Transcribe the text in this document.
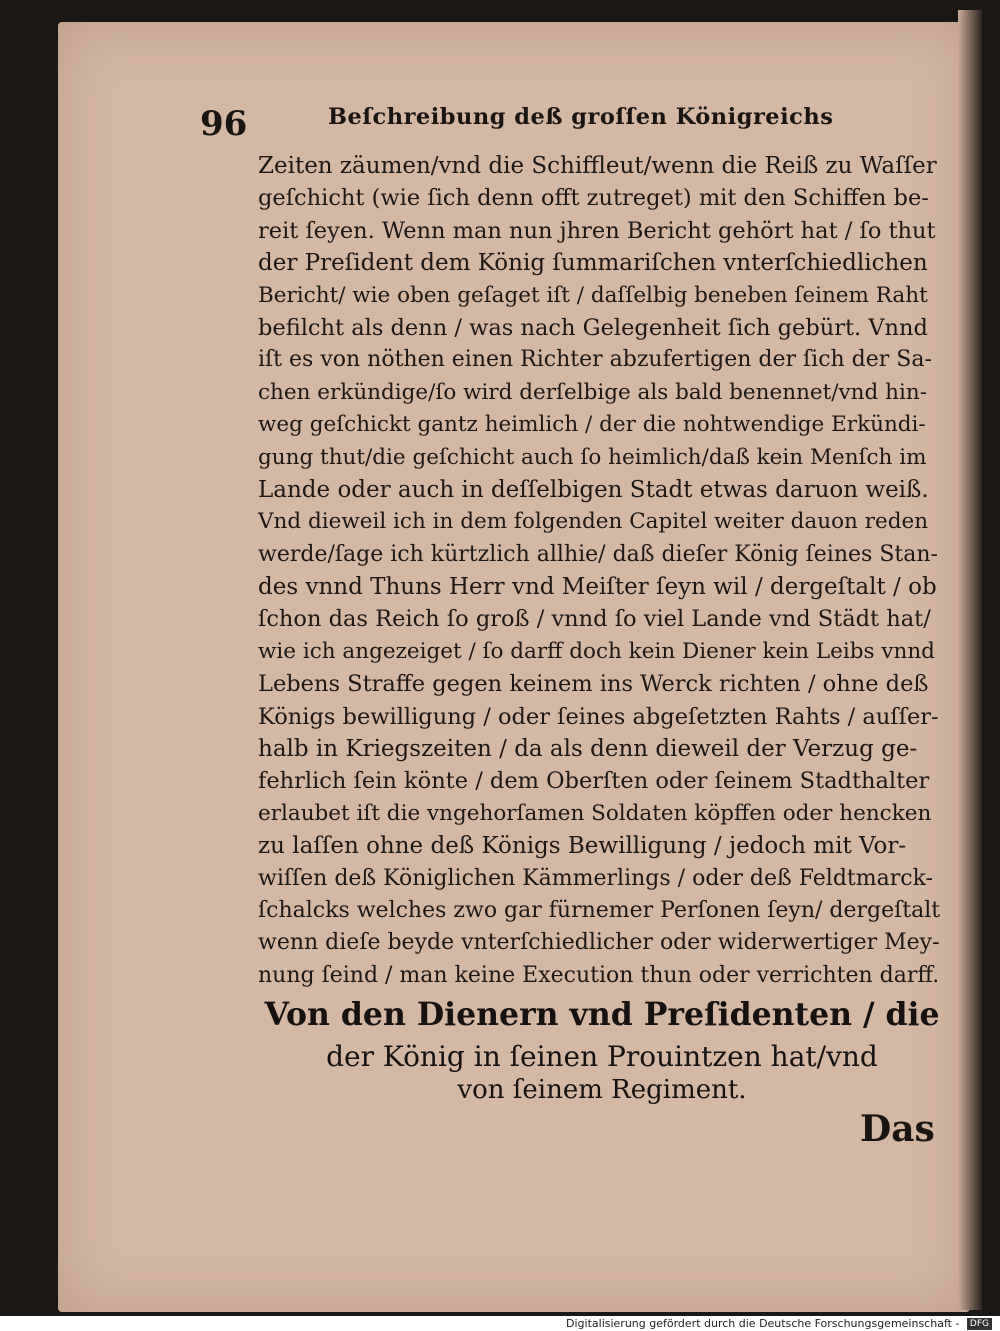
96	Beſchreibung deß groſſen Königreichs
Zeiten zäumen/vnd die Schiffleut/wenn die Reiß zu Waſſer
geſchicht (wie ſich denn offt zutreget) mit den Schiffen be-
reit ſeyen. Wenn man nun jhren Bericht gehört hat / ſo thut
der Preſident dem König ſummariſchen vnterſchiedlichen
Bericht/ wie oben geſaget iſt / daſſelbig beneben ſeinem Raht
befilcht als denn / was nach Gelegenheit ſich gebürt. Vnnd
iſt es von nöthen einen Richter abzufertigen der ſich der Sa-
chen erkündige/ſo wird derſelbige als bald benennet/vnd hin-
weg geſchickt gantz heimlich / der die nohtwendige Erkündi-
gung thut/die geſchicht auch ſo heimlich/daß kein Menſch im
Lande oder auch in deſſelbigen Stadt etwas daruon weiß.
Vnd dieweil ich in dem folgenden Capitel weiter dauon reden
werde/ſage ich kürtzlich allhie/ daß dieſer König ſeines Stan-
des vnnd Thuns Herr vnd Meiſter ſeyn wil / dergeſtalt / ob
ſchon das Reich ſo groß / vnnd ſo viel Lande vnd Städt hat/
wie ich angezeiget / ſo darff doch kein Diener kein Leibs vnnd
Lebens Straffe gegen keinem ins Werck richten / ohne deß
Königs bewilligung / oder ſeines abgeſetzten Rahts / auſſer-
halb in Kriegszeiten / da als denn dieweil der Verzug ge-
fehrlich ſein könte / dem Oberſten oder ſeinem Stadthalter
erlaubet iſt die vngehorſamen Soldaten köpffen oder hencken
zu laſſen ohne deß Königs Bewilligung / jedoch mit Vor-
wiſſen deß Königlichen Kämmerlings / oder deß Feldtmarck-
ſchalcks welches zwo gar fürnemer Perſonen ſeyn/ dergeſtalt
wenn dieſe beyde vnterſchiedlicher oder widerwertiger Mey-
nung ſeind / man keine Execution thun oder verrichten darff.
Von den Dienern vnd Preſidenten / die
der König in ſeinen Prouintzen hat/vnd
von ſeinem Regiment.
Das
Digitalisierung gefördert durch die Deutsche Forschungsgemeinschaft - DFG
